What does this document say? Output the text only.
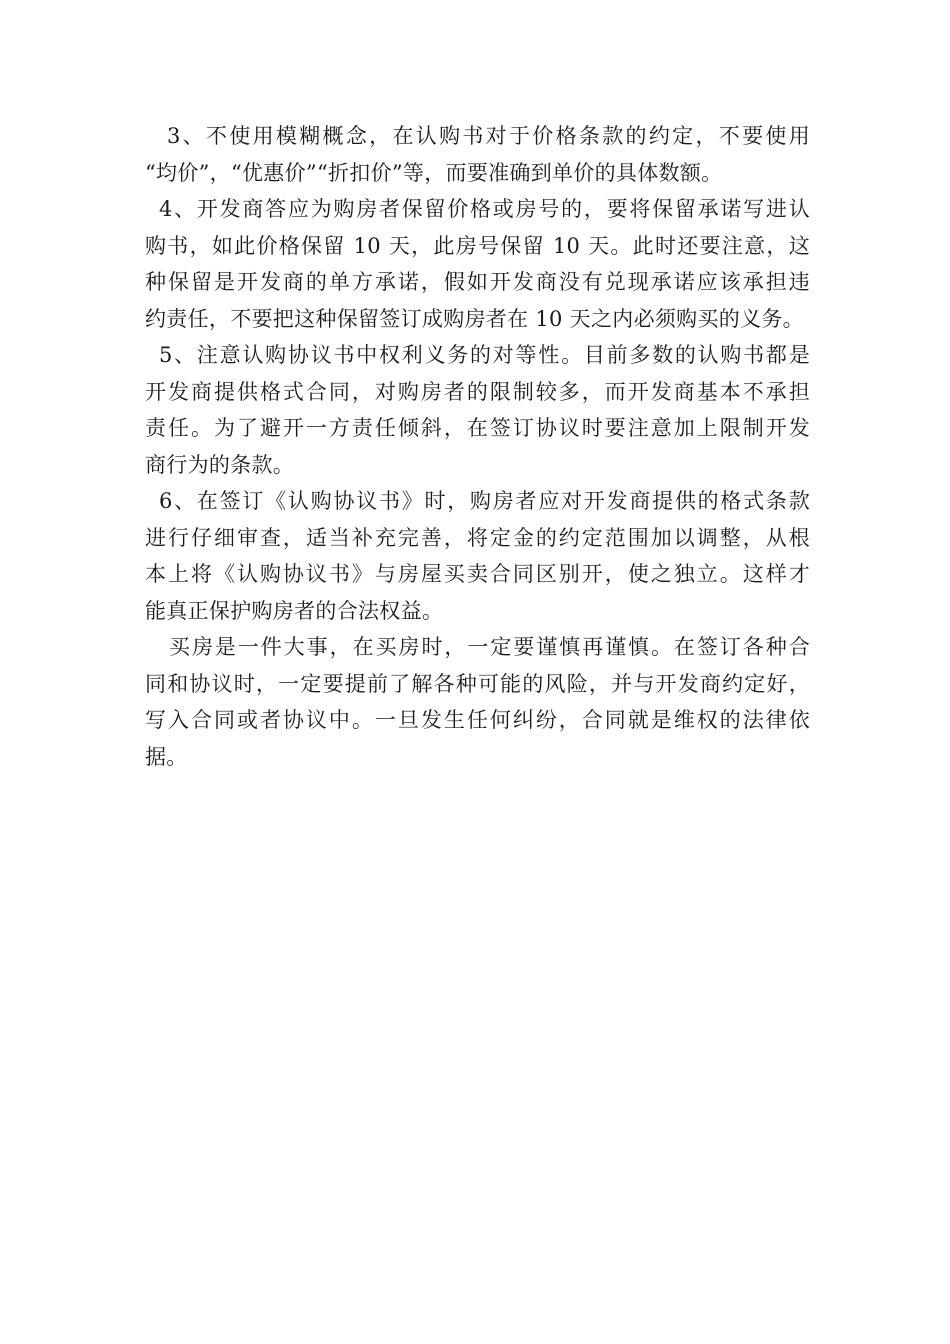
3、不使用模糊概念，在认购书对于价格条款的约定，不要使用
“均价”，“优惠价”“折扣价”等，而要准确到单价的具体数额。
4、开发商答应为购房者保留价格或房号的，要将保留承诺写进认
购书，如此价格保留 10 天，此房号保留 10 天。此时还要注意，这
种保留是开发商的单方承诺，假如开发商没有兑现承诺应该承担违
约责任，不要把这种保留签订成购房者在 10 天之内必须购买的义务。
5、注意认购协议书中权利义务的对等性。目前多数的认购书都是
开发商提供格式合同，对购房者的限制较多，而开发商基本不承担
责任。为了避开一方责任倾斜，在签订协议时要注意加上限制开发
商行为的条款。
6、在签订《认购协议书》时，购房者应对开发商提供的格式条款
进行仔细审查，适当补充完善，将定金的约定范围加以调整，从根
本上将《认购协议书》与房屋买卖合同区别开，使之独立。这样才
能真正保护购房者的合法权益。
买房是一件大事，在买房时，一定要谨慎再谨慎。在签订各种合
同和协议时，一定要提前了解各种可能的风险，并与开发商约定好，
写入合同或者协议中。一旦发生任何纠纷，合同就是维权的法律依
据。
